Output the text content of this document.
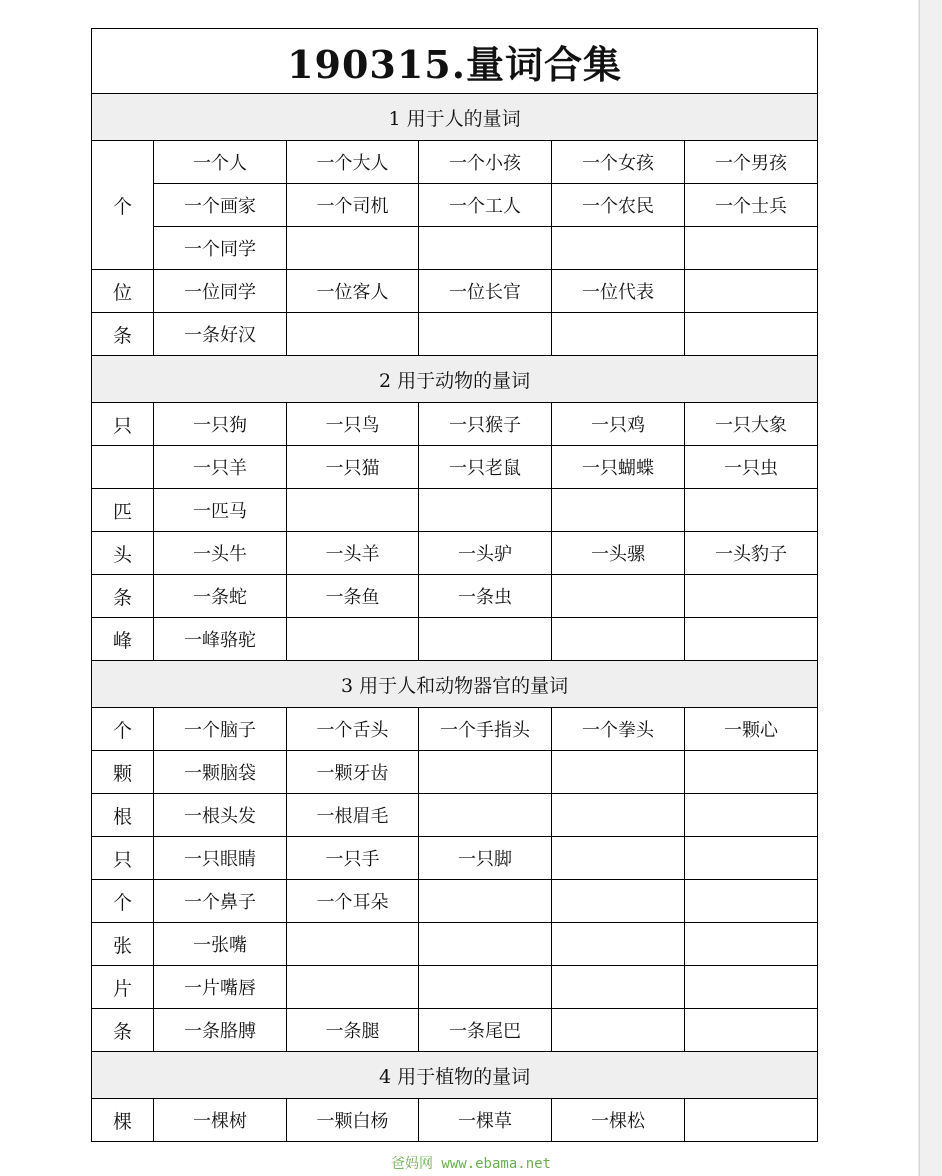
190315.量词合集					
1 用于人的量词					
个	一个人	一个大人	一个小孩	一个女孩	一个男孩
	一个画家	一个司机	一个工人	一个农民	一个士兵
	一个同学				
位	一位同学	一位客人	一位长官	一位代表	
条	一条好汉				
2 用于动物的量词					
只	一只狗	一只鸟	一只猴子	一只鸡	一只大象
	一只羊	一只猫	一只老鼠	一只蝴蝶	一只虫
匹	一匹马				
头	一头牛	一头羊	一头驴	一头骡	一头豹子
条	一条蛇	一条鱼	一条虫		
峰	一峰骆驼				
3 用于人和动物器官的量词					
个	一个脑子	一个舌头	一个手指头	一个拳头	一颗心
颗	一颗脑袋	一颗牙齿			
根	一根头发	一根眉毛			
只	一只眼睛	一只手	一只脚		
个	一个鼻子	一个耳朵			
张	一张嘴				
片	一片嘴唇				
条	一条胳膊	一条腿	一条尾巴		
4 用于植物的量词					
棵	一棵树	一颗白杨	一棵草	一棵松	
爸妈网 www.ebama.net
